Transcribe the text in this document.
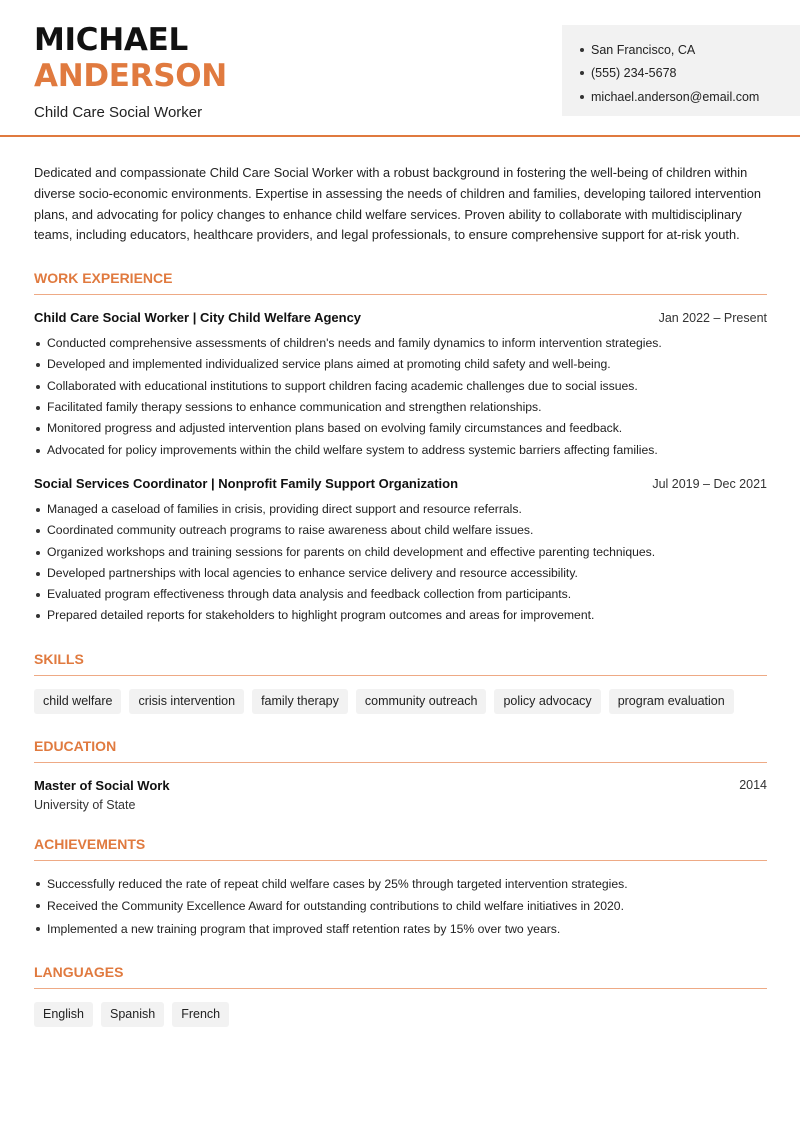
MICHAEL
ANDERSON
Child Care Social Worker
San Francisco, CA
(555) 234-5678
michael.anderson@email.com

Dedicated and compassionate Child Care Social Worker with a robust background in fostering the well-being of children within diverse socio-economic environments. Expertise in assessing the needs of children and families, developing tailored intervention plans, and advocating for policy changes to enhance child welfare services. Proven ability to collaborate with multidisciplinary teams, including educators, healthcare providers, and legal professionals, to ensure comprehensive support for at-risk youth.

WORK EXPERIENCE
Child Care Social Worker | City Child Welfare Agency	Jan 2022 – Present
Conducted comprehensive assessments of children's needs and family dynamics to inform intervention strategies.
Developed and implemented individualized service plans aimed at promoting child safety and well-being.
Collaborated with educational institutions to support children facing academic challenges due to social issues.
Facilitated family therapy sessions to enhance communication and strengthen relationships.
Monitored progress and adjusted intervention plans based on evolving family circumstances and feedback.
Advocated for policy improvements within the child welfare system to address systemic barriers affecting families.
Social Services Coordinator | Nonprofit Family Support Organization	Jul 2019 – Dec 2021
Managed a caseload of families in crisis, providing direct support and resource referrals.
Coordinated community outreach programs to raise awareness about child welfare issues.
Organized workshops and training sessions for parents on child development and effective parenting techniques.
Developed partnerships with local agencies to enhance service delivery and resource accessibility.
Evaluated program effectiveness through data analysis and feedback collection from participants.
Prepared detailed reports for stakeholders to highlight program outcomes and areas for improvement.
SKILLS
child welfare	crisis intervention	family therapy	community outreach	policy advocacy	program evaluation
EDUCATION
Master of Social Work	2014
University of State
ACHIEVEMENTS
Successfully reduced the rate of repeat child welfare cases by 25% through targeted intervention strategies.
Received the Community Excellence Award for outstanding contributions to child welfare initiatives in 2020.
Implemented a new training program that improved staff retention rates by 15% over two years.
LANGUAGES
English	Spanish	French
